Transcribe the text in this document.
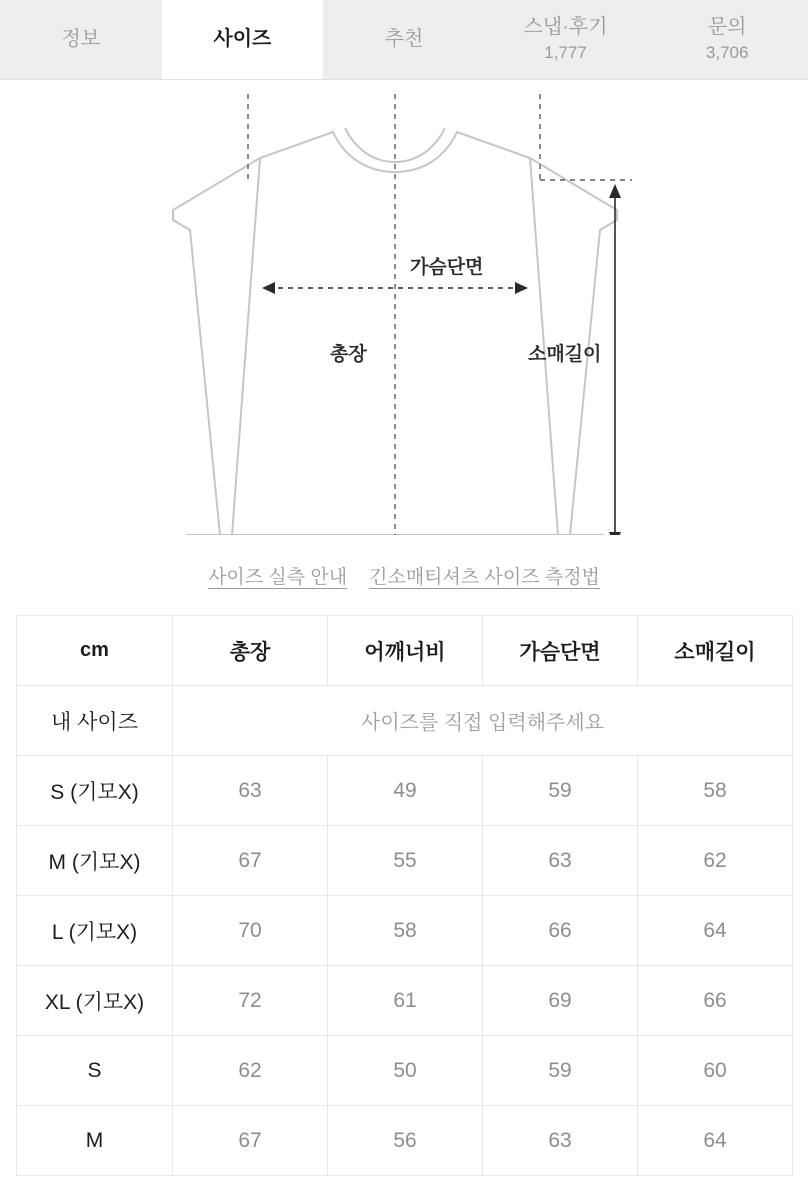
정보	사이즈	추천
스냅·후기
1,777
문의
3,706
가슴단면
총장	소매길이
사이즈 실측 안내 긴소매티셔츠 사이즈 측정법
cm	총장	어깨너비	가슴단면	소매길이
내 사이즈	사이즈를 직접 입력해주세요			
S (기모X)	63	49	59	58
M (기모X)	67	55	63	62
L (기모X)	70	58	66	64
XL (기모X)	72	61	69	66
S	62	50	59	60
M	67	56	63	64
